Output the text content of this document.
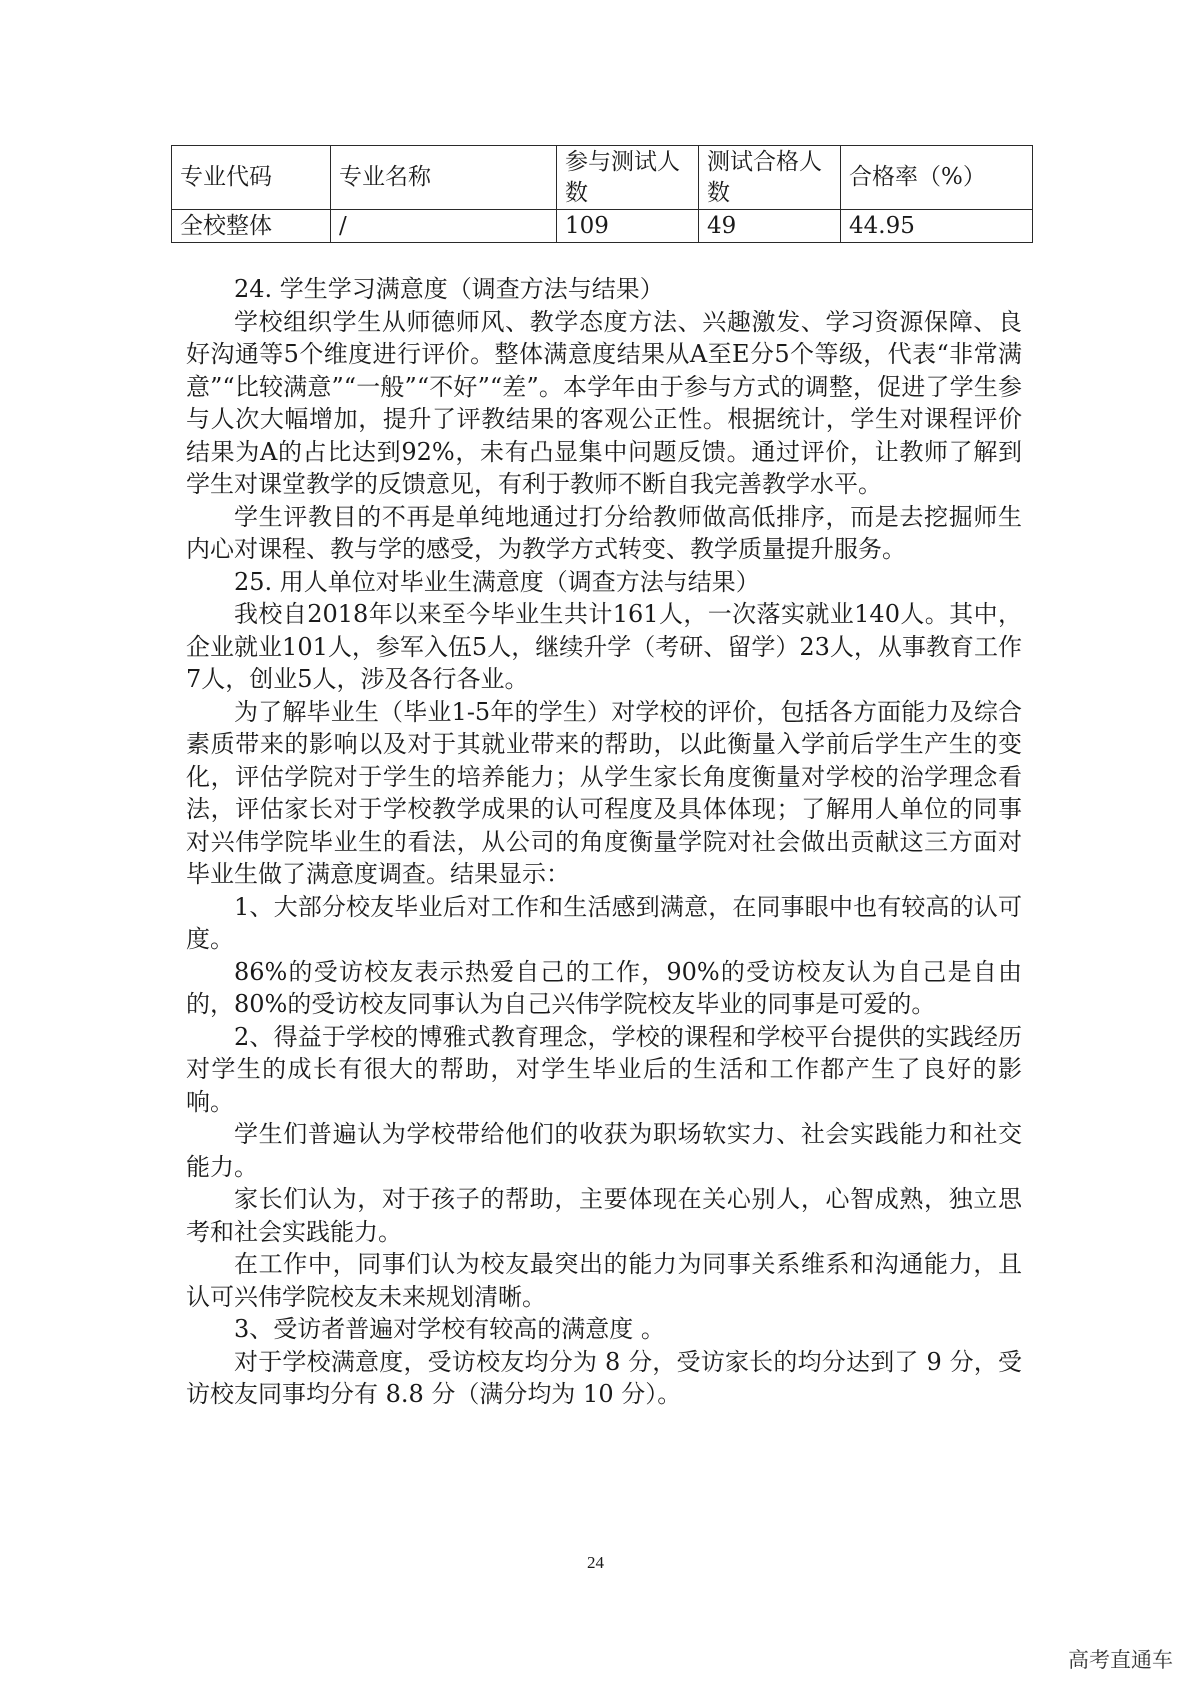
专业代码	专业名称	参与测试人数	测试合格人数	合格率（%）
全校整体	/	109	49	44.95

24. 学生学习满意度（调查方法与结果）

学校组织学生从师德师风、教学态度方法、兴趣激发、学习资源保障、良好沟通等5个维度进行评价。整体满意度结果从A至E分5个等级，代表“非常满意”“比较满意”“一般”“不好”“差”。本学年由于参与方式的调整，促进了学生参与人次大幅增加，提升了评教结果的客观公正性。根据统计，学生对课程评价结果为A的占比达到92%，未有凸显集中问题反馈。通过评价，让教师了解到学生对课堂教学的反馈意见，有利于教师不断自我完善教学水平。

学生评教目的不再是单纯地通过打分给教师做高低排序，而是去挖掘师生内心对课程、教与学的感受，为教学方式转变、教学质量提升服务。

25. 用人单位对毕业生满意度（调查方法与结果）

我校自2018年以来至今毕业生共计161人，一次落实就业140人。其中，企业就业101人，参军入伍5人，继续升学（考研、留学）23人，从事教育工作7人，创业5人，涉及各行各业。

为了解毕业生（毕业1-5年的学生）对学校的评价，包括各方面能力及综合素质带来的影响以及对于其就业带来的帮助，以此衡量入学前后学生产生的变化，评估学院对于学生的培养能力；从学生家长角度衡量对学校的治学理念看法，评估家长对于学校教学成果的认可程度及具体体现；了解用人单位的同事对兴伟学院毕业生的看法，从公司的角度衡量学院对社会做出贡献这三方面对毕业生做了满意度调查。结果显示：

1、大部分校友毕业后对工作和生活感到满意，在同事眼中也有较高的认可度。

86%的受访校友表示热爱自己的工作，90%的受访校友认为自己是自由的，80%的受访校友同事认为自己兴伟学院校友毕业的同事是可爱的。

2、得益于学校的博雅式教育理念，学校的课程和学校平台提供的实践经历对学生的成长有很大的帮助，对学生毕业后的生活和工作都产生了良好的影响。

学生们普遍认为学校带给他们的收获为职场软实力、社会实践能力和社交能力。

家长们认为，对于孩子的帮助，主要体现在关心别人，心智成熟，独立思考和社会实践能力。

在工作中，同事们认为校友最突出的能力为同事关系维系和沟通能力，且认可兴伟学院校友未来规划清晰。

3、受访者普遍对学校有较高的满意度 。

对于学校满意度，受访校友均分为 8 分，受访家长的均分达到了 9 分，受访校友同事均分有 8.8 分（满分均为 10 分）。

24
高考直通车
